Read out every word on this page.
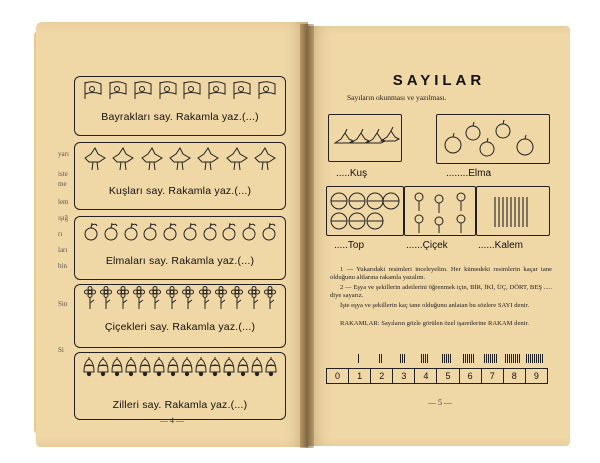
yarı
iste
me
lem
ışığ
rı
ları
bin
Sin
Si
Bayrakları say. Rakamla yaz.(...)
Kuşları say. Rakamla yaz.(...)
Elmaları say. Rakamla yaz.(...)
Çiçekleri say. Rakamla yaz.(...)
Zilleri say. Rakamla yaz.(...)
— 4 —
SAYILAR
Sayıların okunması ve yazılması.
.....Kuş	........Elma
.....Top	......Çiçek	......Kalem
1 — Yukarıdaki resimleri inceleyelim. Her kümedeki resimlerin kaçar tane olduğunu altlarına rakamla yazalım.
2 — Eşya ve şekillerin adetlerini öğrenmek için, BİR, İKİ, ÜÇ, DÖRT, BEŞ ..... diye sayarız.
İşte eşya ve şekillerin kaç tane olduğunu anlatan bu sözlere SAYI denir.
RAKAMLAR: Sayıların gözle görülen özel işaretlerine RAKAM denir.
0	1	2	3	4	5	6	7	8	9
— 5 —
